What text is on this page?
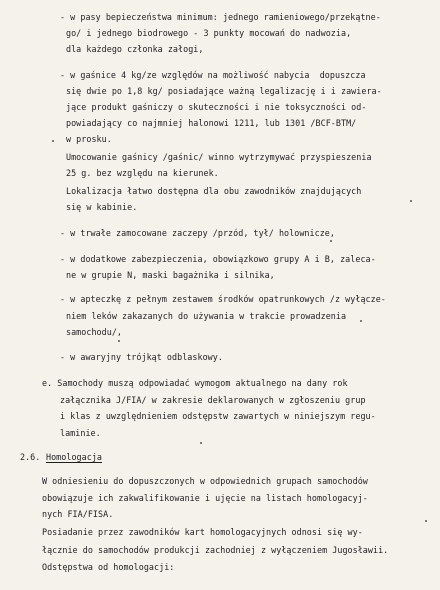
- w pasy bepieczeństwa minimum: jednego ramieniowego/przekątne-
go/ i jednego biodrowego - 3 punkty mocowań do nadwozia,
dla każdego członka załogi,
- w gaśnice 4 kg/ze względów na możliwość nabycia  dopuszcza
się dwie po 1,8 kg/ posiadające ważną legalizację i i zawiera-
jące produkt gaśniczy o skuteczności i nie toksyczności od-
powiadający co najmniej halonowi 1211, lub 1301 /BCF-BTM/
w prosku.
Umocowanie gaśnicy /gaśnic/ winno wytrzymywać przyspieszenia
25 g. bez względu na kierunek.
Lokalizacja łatwo dostępna dla obu zawodników znajdujących
się w kabinie.
- w trwałe zamocowane zaczepy /przód, tył/ holownicze,
- w dodatkowe zabezpieczenia, obowiązkowo grupy A i B, zaleca-
ne w grupie N, maski bagażnika i silnika,
- w apteczkę z pełnym zestawem środków opatrunkowych /z wyłącze-
niem leków zakazanych do używania w trakcie prowadzenia
samochodu/,
- w awaryjny trójkąt odblaskowy.
e. Samochody muszą odpowiadać wymogom aktualnego na dany rok
załącznika J/FIA/ w zakresie deklarowanych w zgłoszeniu grup
i klas z uwzględnieniem odstępstw zawartych w niniejszym regu-
laminie.
2.6. Homologacja
W odniesieniu do dopuszczonych w odpowiednich grupach samochodów
obowiązuje ich zakwalifikowanie i ujęcie na listach homologacyj-
nych FIA/FISA.
Posiadanie przez zawodników kart homologacyjnych odnosi się wy-
łącznie do samochodów produkcji zachodniej z wyłączeniem Jugosławii.
Odstępstwa od homologacji:
